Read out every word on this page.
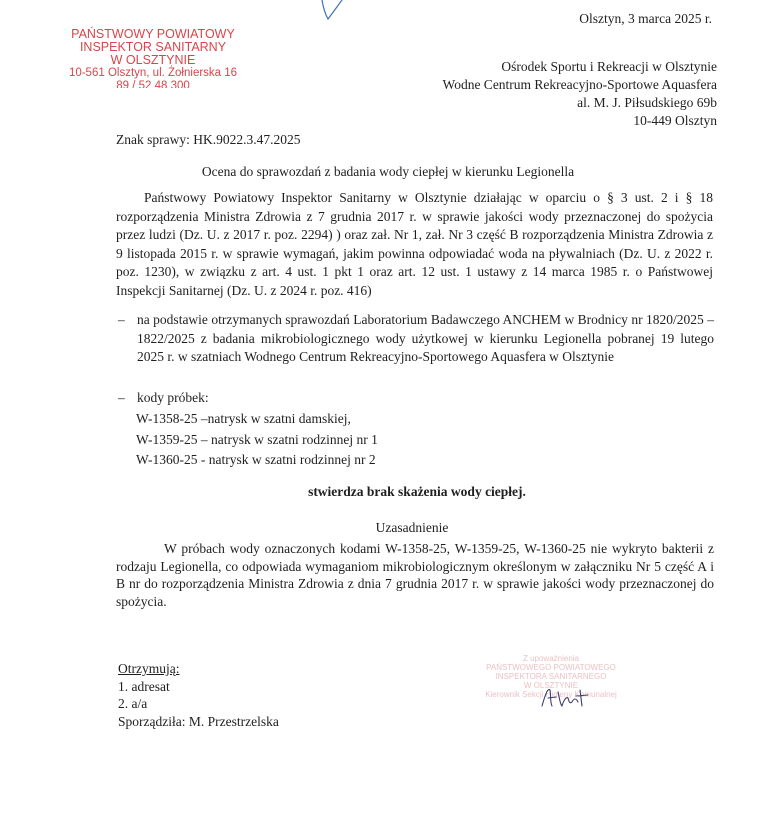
PAŃSTWOWY POWIATOWY
INSPEKTOR SANITARNY
W OLSZTYNIE
10-561 Olsztyn, ul. Żołnierska 16
89 / 52 48 300
Olsztyn, 3 marca 2025 r.
Ośrodek Sportu i Rekreacji w Olsztynie
Wodne Centrum Rekreacyjno-Sportowe Aquasfera
al. M. J. Piłsudskiego 69b
10-449 Olsztyn
Znak sprawy: HK.9022.3.47.2025
Ocena do sprawozdań z badania wody ciepłej w kierunku Legionella
Państwowy Powiatowy Inspektor Sanitarny w Olsztynie działając w oparciu o § 3 ust. 2 i § 18 rozporządzenia Ministra Zdrowia z 7 grudnia 2017 r. w sprawie jakości wody przeznaczonej do spożycia przez ludzi (Dz. U. z 2017 r. poz. 2294) ) oraz zał. Nr 1, zał. Nr 3 część B rozporządzenia Ministra Zdrowia z 9 listopada 2015 r. w sprawie wymagań, jakim powinna odpowiadać woda na pływalniach (Dz. U. z 2022 r. poz. 1230), w związku z art. 4 ust. 1 pkt 1 oraz art. 12 ust. 1 ustawy z 14 marca 1985 r. o Państwowej Inspekcji Sanitarnej (Dz. U. z 2024 r. poz. 416)
– na podstawie otrzymanych sprawozdań Laboratorium Badawczego ANCHEM w Brodnicy nr 1820/2025 – 1822/2025 z badania mikrobiologicznego wody użytkowej w kierunku Legionella pobranej 19 lutego 2025 r. w szatniach Wodnego Centrum Rekreacyjno-Sportowego Aquasfera w Olsztynie
– kody próbek:
W-1358-25 –natrysk w szatni damskiej,
W-1359-25 – natrysk w szatni rodzinnej nr 1
W-1360-25 - natrysk w szatni rodzinnej nr 2
stwierdza brak skażenia wody ciepłej.
Uzasadnienie
W próbach wody oznaczonych kodami W-1358-25, W-1359-25, W-1360-25 nie wykryto bakterii z rodzaju Legionella, co odpowiada wymaganiom mikrobiologicznym określonym w załączniku Nr 5 część A i B nr do rozporządzenia Ministra Zdrowia z dnia 7 grudnia 2017 r. w sprawie jakości wody przeznaczonej do spożycia.
Z upoważnienia
PAŃSTWOWEGO POWIATOWEGO
INSPEKTORA SANITARNEGO
W OLSZTYNIE
Kierownik Sekcji Higieny Komunalnej
Otrzymują:
1. adresat
2. a/a
Sporządziła: M. Przestrzelska
